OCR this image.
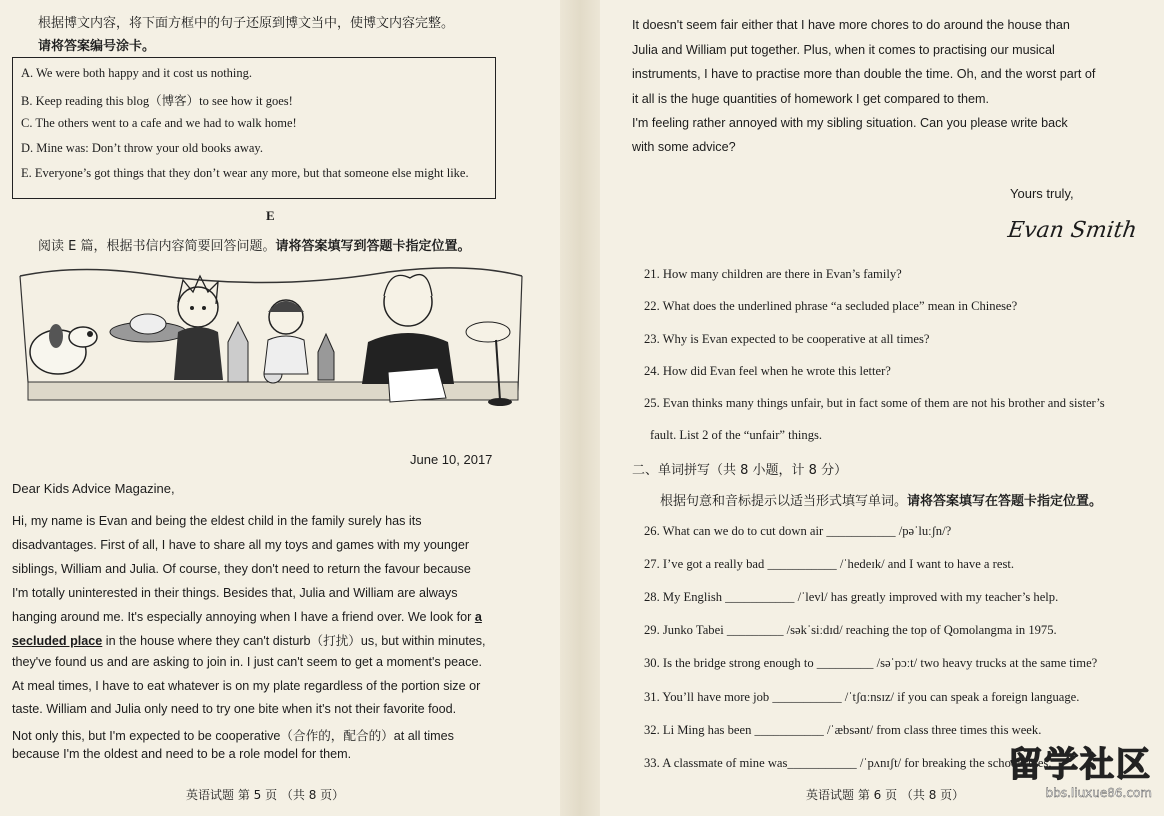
根据博文内容，将下面方框中的句子还原到博文当中，使博文内容完整。
请将答案编号涂卡。
A. We were both happy and it cost us nothing.
B. Keep reading this blog（博客）to see how it goes!
C. The others went to a cafe and we had to walk home!
D. Mine was: Don’t throw your old books away.
E. Everyone’s got things that they don’t wear any more, but that someone else might like.
E
阅读 E 篇，根据书信内容简要回答问题。请将答案填写到答题卡指定位置。
June 10, 2017
Dear Kids Advice Magazine,
Hi, my name is Evan and being the eldest child in the family surely has its
disadvantages. First of all, I have to share all my toys and games with my younger
siblings, William and Julia. Of course, they don't need to return the favour because
I'm totally uninterested in their things. Besides that, Julia and William are always
hanging around me. It's especially annoying when I have a friend over. We look for a
secluded place in the house where they can't disturb（打扰）us, but within minutes,
they've found us and are asking to join in. I just can't seem to get a moment's peace.
At meal times, I have to eat whatever is on my plate regardless of the portion size or
taste. William and Julia only need to try one bite when it's not their favorite food.
Not only this, but I'm expected to be cooperative（合作的，配合的）at all times
because I'm the oldest and need to be a role model for them.
英语试题 第 5 页 （共 8 页）
It doesn't seem fair either that I have more chores to do around the house than
Julia and William put together. Plus, when it comes to practising our musical
instruments, I have to practise more than double the time. Oh, and the worst part of
it all is the huge quantities of homework I get compared to them.
I'm feeling rather annoyed with my sibling situation. Can you please write back
with some advice?
Yours truly,
Evan Smith
21. How many children are there in Evan’s family?
22. What does the underlined phrase “a secluded place” mean in Chinese?
23. Why is Evan expected to be cooperative at all times?
24. How did Evan feel when he wrote this letter?
25. Evan thinks many things unfair, but in fact some of them are not his brother and sister’s
fault. List 2 of the “unfair” things.
二、单词拼写（共 8 小题，计 8 分）
根据句意和音标提示以适当形式填写单词。请将答案填写在答题卡指定位置。
26. What can we do to cut down air ___________ /pəˈluːʃn/?
27. I’ve got a really bad ___________ /ˈhedeɪk/ and I want to have a rest.
28. My English ___________ /ˈlevl/ has greatly improved with my teacher’s help.
29. Junko Tabei _________ /səkˈsiːdɪd/ reaching the top of Qomolangma in 1975.
30. Is the bridge strong enough to _________ /səˈpɔːt/ two heavy trucks at the same time?
31. You’ll have more job ___________ /ˈtʃɑːnsɪz/ if you can speak a foreign language.
32. Li Ming has been ___________ /ˈæbsənt/ from class three times this week.
33. A classmate of mine was___________ /ˈpʌnɪʃt/ for breaking the school rules.
英语试题 第 6 页 （共 8 页）
留学社区
bbs.liuxue86.com
